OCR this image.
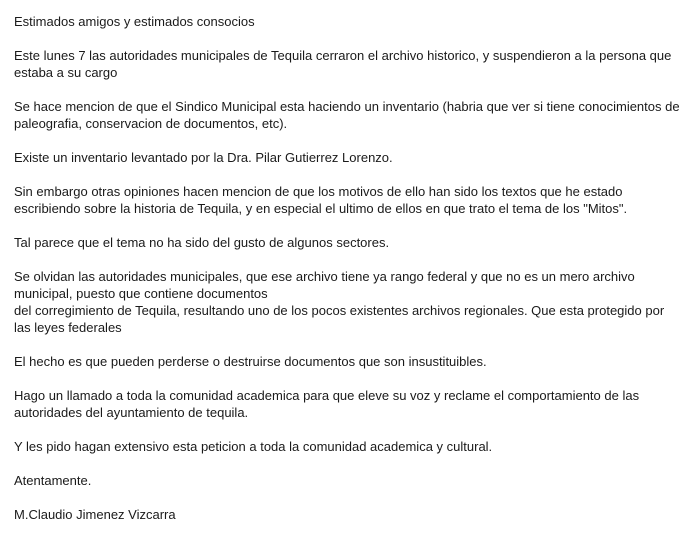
Estimados amigos y estimados consocios

Este lunes 7 las autoridades municipales de Tequila cerraron el archivo historico, y suspendieron a la persona que
estaba a su cargo

Se hace mencion de que el Sindico Municipal esta haciendo un inventario (habria que ver si tiene conocimientos de
paleografia, conservacion de documentos, etc).

Existe un inventario levantado por la Dra. Pilar Gutierrez Lorenzo.

Sin embargo otras opiniones hacen mencion de que los motivos de ello han sido los textos que he estado
escribiendo sobre la historia de Tequila, y en especial el ultimo de ellos en que trato el tema de los "Mitos".

Tal parece que el tema no ha sido del gusto de algunos sectores.

Se olvidan las autoridades municipales, que ese archivo tiene ya rango federal y que no es un mero archivo
municipal, puesto que contiene documentos
del corregimiento de Tequila, resultando uno de los pocos existentes archivos regionales. Que esta protegido por
las leyes federales

El hecho es que pueden perderse o destruirse documentos que son insustituibles.

Hago un llamado a toda la comunidad academica para que eleve su voz y reclame el comportamiento de las
autoridades del ayuntamiento de tequila.

Y les pido hagan extensivo esta peticion a toda la comunidad academica y cultural.

Atentamente.

M.Claudio Jimenez Vizcarra
